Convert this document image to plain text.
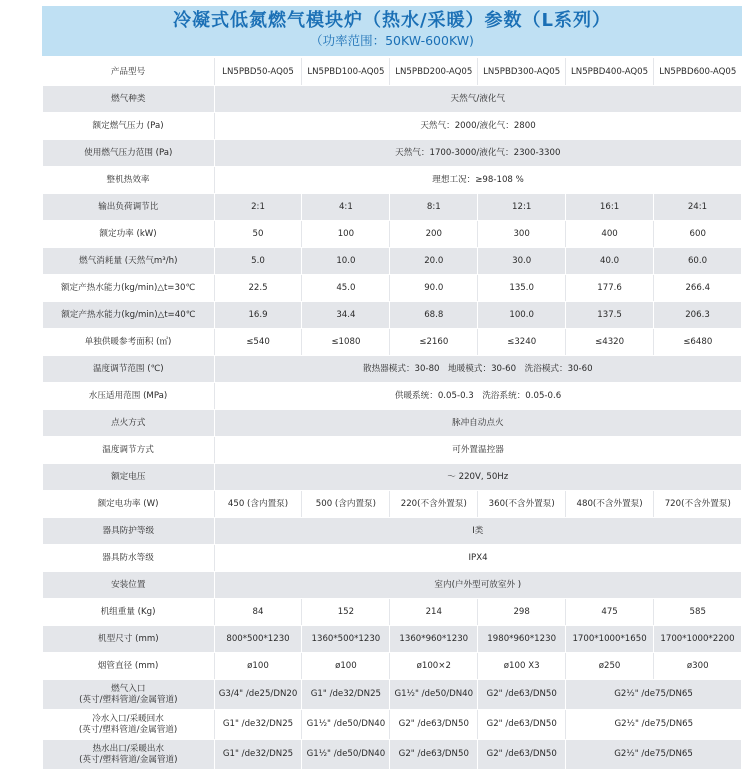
冷凝式低氮燃气模块炉（热水/采暖）参数（L系列）
（功率范围：50KW-600KW)
产品型号	LN5PBD50-AQ05	LN5PBD100-AQ05	LN5PBD200-AQ05	LN5PBD300-AQ05	LN5PBD400-AQ05	LN5PBD600-AQ05
燃气种类	天然气/液化气					
额定燃气压力 (Pa)	天然气：2000/液化气：2800					
使用燃气压力范围 (Pa)	天然气：1700-3000/液化气：2300-3300					
整机热效率	理想工况：≥98-108 %					
输出负荷调节比	2:1	4:1	8:1	12:1	16:1	24:1
额定功率 (kW)	50	100	200	300	400	600
燃气消耗量 (天然气m³/h)	5.0	10.0	20.0	30.0	40.0	60.0
额定产热水能力(kg/min)△t=30℃	22.5	45.0	90.0	135.0	177.6	266.4
额定产热水能力(kg/min)△t=40℃	16.9	34.4	68.8	100.0	137.5	206.3
单独供暖参考面积 (㎡)	≤540	≤1080	≤2160	≤3240	≤4320	≤6480
温度调节范围 (℃)	散热器模式：30-80　地暖模式：30-60　洗浴模式：30-60					
水压适用范围 (MPa)	供暖系统：0.05-0.3　洗浴系统：0.05-0.6					
点火方式	脉冲自动点火					
温度调节方式	可外置温控器					
额定电压	～ 220V, 50Hz					
额定电功率 (W)	450 (含内置泵)	500 (含内置泵)	220(不含外置泵)	360(不含外置泵)	480(不含外置泵)	720(不含外置泵)
器具防护等级	I类					
器具防水等级	IPX4					
安装位置	室内(户外型可放室外 )					
机组重量 (Kg)	84	152	214	298	475	585
机型尺寸 (mm)	800*500*1230	1360*500*1230	1360*960*1230	1980*960*1230	1700*1000*1650	1700*1000*2200
烟管直径 (mm)	ø100	ø100	ø100×2	ø100 X3	ø250	ø300

燃气入口
(英寸/塑料管道/金属管道)	G3/4" /de25/DN20	G1" /de32/DN25	G1½" /de50/DN40	G2" /de63/DN50	G2½" /de75/DN65	

冷水入口/采暖回水
(英寸/塑料管道/金属管道)	G1" /de32/DN25	G1½" /de50/DN40	G2" /de63/DN50	G2" /de63/DN50	G2½" /de75/DN65	

热水出口/采暖出水
(英寸/塑料管道/金属管道)	G1" /de32/DN25	G1½" /de50/DN40	G2" /de63/DN50	G2" /de63/DN50	G2½" /de75/DN65	
